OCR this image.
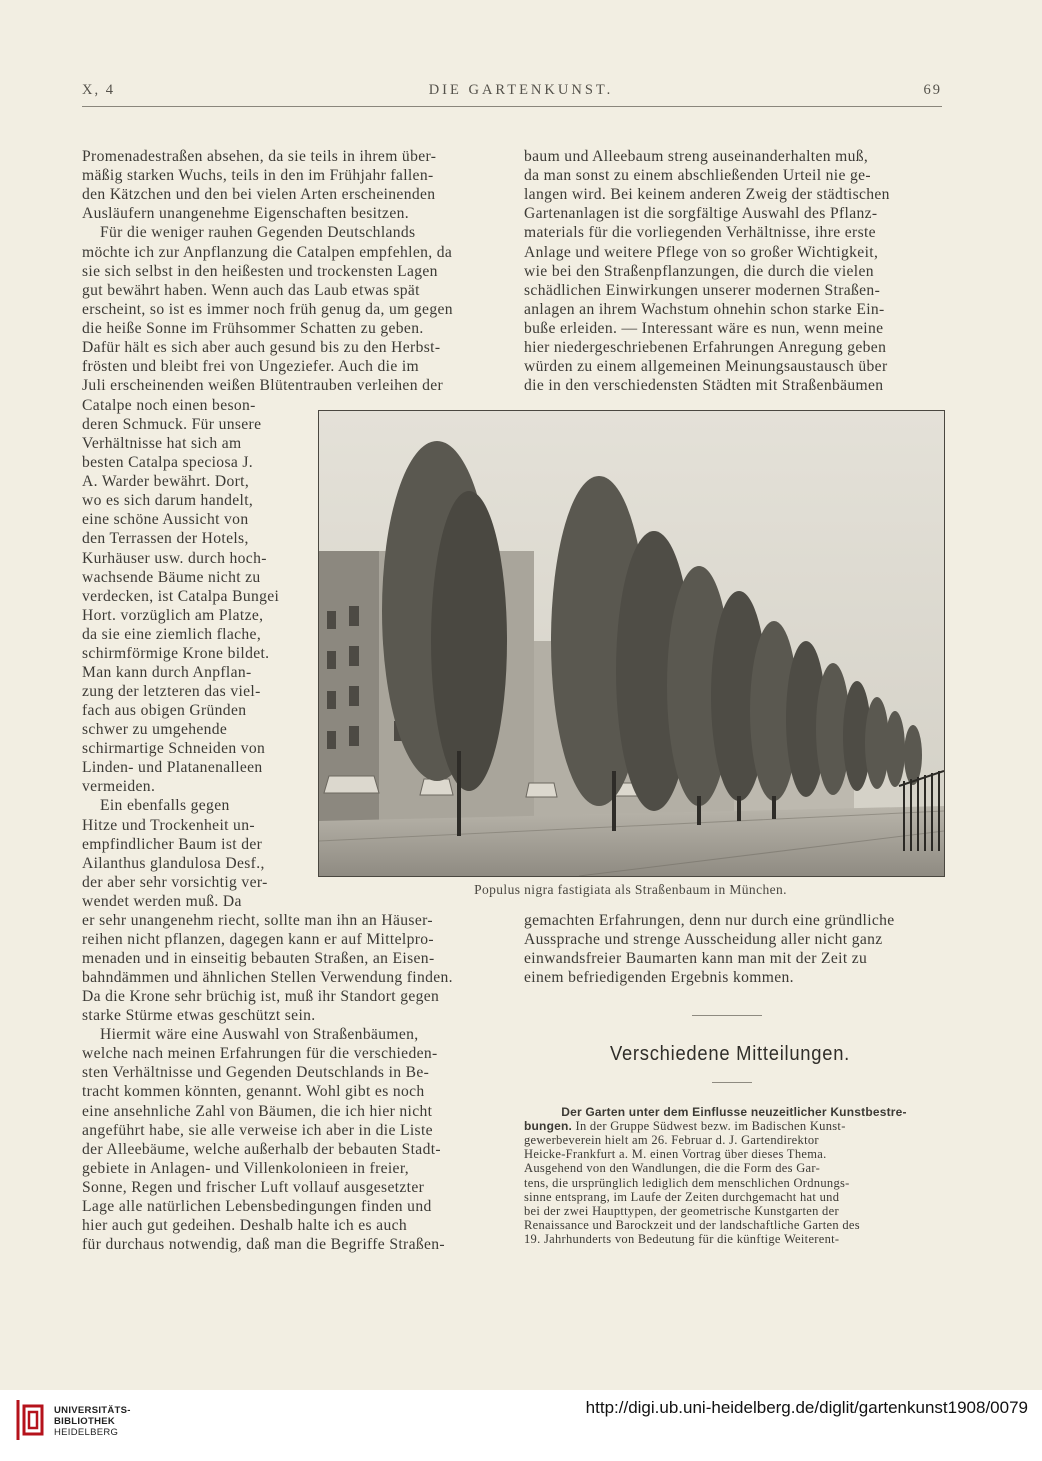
X, 4	DIE GARTENKUNST.	69
Promenadestraßen absehen, da sie teils in ihrem über-
mäßig starken Wuchs, teils in den im Frühjahr fallen-
den Kätzchen und den bei vielen Arten erscheinenden
Ausläufern unangenehme Eigenschaften besitzen.
Für die weniger rauhen Gegenden Deutschlands
möchte ich zur Anpflanzung die Catalpen empfehlen, da
sie sich selbst in den heißesten und trockensten Lagen
gut bewährt haben. Wenn auch das Laub etwas spät
erscheint, so ist es immer noch früh genug da, um gegen
die heiße Sonne im Frühsommer Schatten zu geben.
Dafür hält es sich aber auch gesund bis zu den Herbst-
frösten und bleibt frei von Ungeziefer. Auch die im
Juli erscheinenden weißen Blütentrauben verleihen der
Catalpe noch einen beson-
deren Schmuck. Für unsere
Verhältnisse hat sich am
besten Catalpa speciosa J.
A. Warder bewährt. Dort,
wo es sich darum handelt,
eine schöne Aussicht von
den Terrassen der Hotels,
Kurhäuser usw. durch hoch-
wachsende Bäume nicht zu
verdecken, ist Catalpa Bungei
Hort. vorzüglich am Platze,
da sie eine ziemlich flache,
schirmförmige Krone bildet.
Man kann durch Anpflan-
zung der letzteren das viel-
fach aus obigen Gründen
schwer zu umgehende
schirmartige Schneiden von
Linden- und Platanenalleen
vermeiden.
Ein ebenfalls gegen
Hitze und Trockenheit un-
empfindlicher Baum ist der
Ailanthus glandulosa Desf.,
der aber sehr vorsichtig ver-
wendet werden muß. Da
er sehr unangenehm riecht, sollte man ihn an Häuser-
reihen nicht pflanzen, dagegen kann er auf Mittelpro-
menaden und in einseitig bebauten Straßen, an Eisen-
bahndämmen und ähnlichen Stellen Verwendung finden.
Da die Krone sehr brüchig ist, muß ihr Standort gegen
starke Stürme etwas geschützt sein.
Hiermit wäre eine Auswahl von Straßenbäumen,
welche nach meinen Erfahrungen für die verschieden-
sten Verhältnisse und Gegenden Deutschlands in Be-
tracht kommen könnten, genannt. Wohl gibt es noch
eine ansehnliche Zahl von Bäumen, die ich hier nicht
angeführt habe, sie alle verweise ich aber in die Liste
der Alleebäume, welche außerhalb der bebauten Stadt-
gebiete in Anlagen- und Villenkolonieen in freier,
Sonne, Regen und frischer Luft vollauf ausgesetzter
Lage alle natürlichen Lebensbedingungen finden und
hier auch gut gedeihen. Deshalb halte ich es auch
für durchaus notwendig, daß man die Begriffe Straßen-
baum und Alleebaum streng auseinanderhalten muß,
da man sonst zu einem abschließenden Urteil nie ge-
langen wird. Bei keinem anderen Zweig der städtischen
Gartenanlagen ist die sorgfältige Auswahl des Pflanz-
materials für die vorliegenden Verhältnisse, ihre erste
Anlage und weitere Pflege von so großer Wichtigkeit,
wie bei den Straßenpflanzungen, die durch die vielen
schädlichen Einwirkungen unserer modernen Straßen-
anlagen an ihrem Wachstum ohnehin schon starke Ein-
buße erleiden. — Interessant wäre es nun, wenn meine
hier niedergeschriebenen Erfahrungen Anregung geben
würden zu einem allgemeinen Meinungsaustausch über
die in den verschiedensten Städten mit Straßenbäumen
gemachten Erfahrungen, denn nur durch eine gründliche
Aussprache und strenge Ausscheidung aller nicht ganz
einwandsfreier Baumarten kann man mit der Zeit zu
einem befriedigenden Ergebnis kommen.
Populus nigra fastigiata als Straßenbaum in München.
Verschiedene Mitteilungen.
Der Garten unter dem Einflusse neuzeitlicher Kunstbestre-
bungen. In der Gruppe Südwest bezw. im Badischen Kunst-
gewerbeverein hielt am 26. Februar d. J. Gartendirektor
Heicke-Frankfurt a. M. einen Vortrag über dieses Thema.
Ausgehend von den Wandlungen, die die Form des Gar-
tens, die ursprünglich lediglich dem menschlichen Ordnungs-
sinne entsprang, im Laufe der Zeiten durchgemacht hat und
bei der zwei Haupttypen, der geometrische Kunstgarten der
Renaissance und Barockzeit und der landschaftliche Garten des
19. Jahrhunderts von Bedeutung für die künftige Weiterent-
UNIVERSITÄTS-
BIBLIOTHEK
HEIDELBERG
http://digi.ub.uni-heidelberg.de/diglit/gartenkunst1908/0079
